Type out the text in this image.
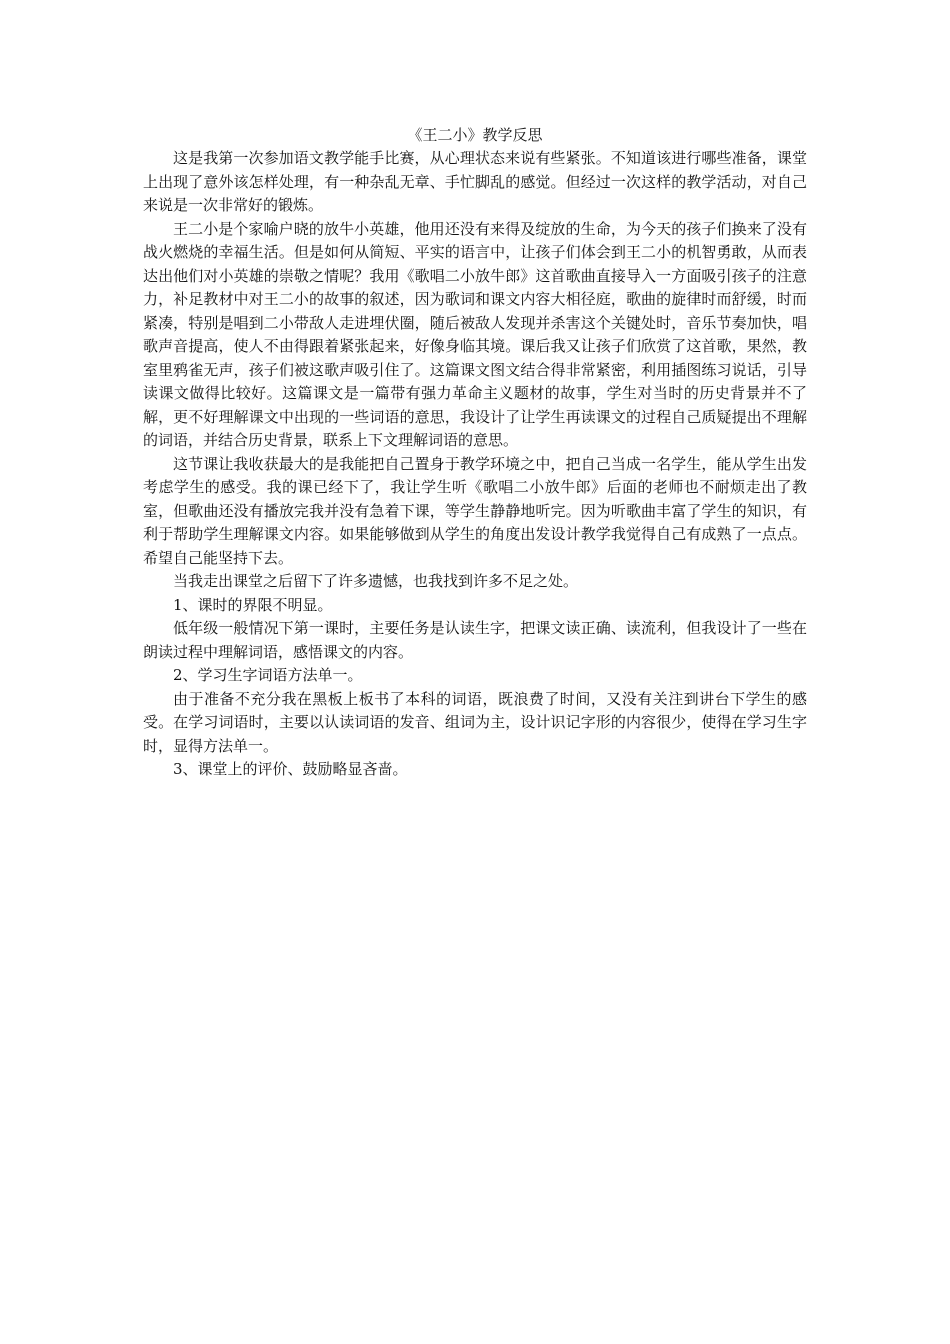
《王二小》教学反思

这是我第一次参加语文教学能手比赛，从心理状态来说有些紧张。不知道该进行哪些准备，课堂上出现了意外该怎样处理，有一种杂乱无章、手忙脚乱的感觉。但经过一次这样的教学活动，对自己来说是一次非常好的锻炼。

王二小是个家喻户晓的放牛小英雄，他用还没有来得及绽放的生命，为今天的孩子们换来了没有战火燃烧的幸福生活。但是如何从简短、平实的语言中，让孩子们体会到王二小的机智勇敢，从而表达出他们对小英雄的崇敬之情呢？我用《歌唱二小放牛郎》这首歌曲直接导入一方面吸引孩子的注意力，补足教材中对王二小的故事的叙述，因为歌词和课文内容大相径庭，歌曲的旋律时而舒缓，时而紧凑，特别是唱到二小带敌人走进埋伏圈，随后被敌人发现并杀害这个关键处时，音乐节奏加快，唱歌声音提高，使人不由得跟着紧张起来，好像身临其境。课后我又让孩子们欣赏了这首歌，果然，教室里鸦雀无声，孩子们被这歌声吸引住了。这篇课文图文结合得非常紧密，利用插图练习说话，引导读课文做得比较好。这篇课文是一篇带有强力革命主义题材的故事，学生对当时的历史背景并不了解，更不好理解课文中出现的一些词语的意思，我设计了让学生再读课文的过程自己质疑提出不理解的词语，并结合历史背景，联系上下文理解词语的意思。

这节课让我收获最大的是我能把自己置身于教学环境之中，把自己当成一名学生，能从学生出发考虑学生的感受。我的课已经下了，我让学生听《歌唱二小放牛郎》后面的老师也不耐烦走出了教室，但歌曲还没有播放完我并没有急着下课，等学生静静地听完。因为听歌曲丰富了学生的知识，有利于帮助学生理解课文内容。如果能够做到从学生的角度出发设计教学我觉得自己有成熟了一点点。希望自己能坚持下去。

当我走出课堂之后留下了许多遗憾，也我找到许多不足之处。

1、课时的界限不明显。

低年级一般情况下第一课时，主要任务是认读生字，把课文读正确、读流利，但我设计了一些在朗读过程中理解词语，感悟课文的内容。

2、学习生字词语方法单一。

由于准备不充分我在黑板上板书了本科的词语，既浪费了时间，又没有关注到讲台下学生的感受。在学习词语时，主要以认读词语的发音、组词为主，设计识记字形的内容很少，使得在学习生字时，显得方法单一。

3、课堂上的评价、鼓励略显吝啬。
